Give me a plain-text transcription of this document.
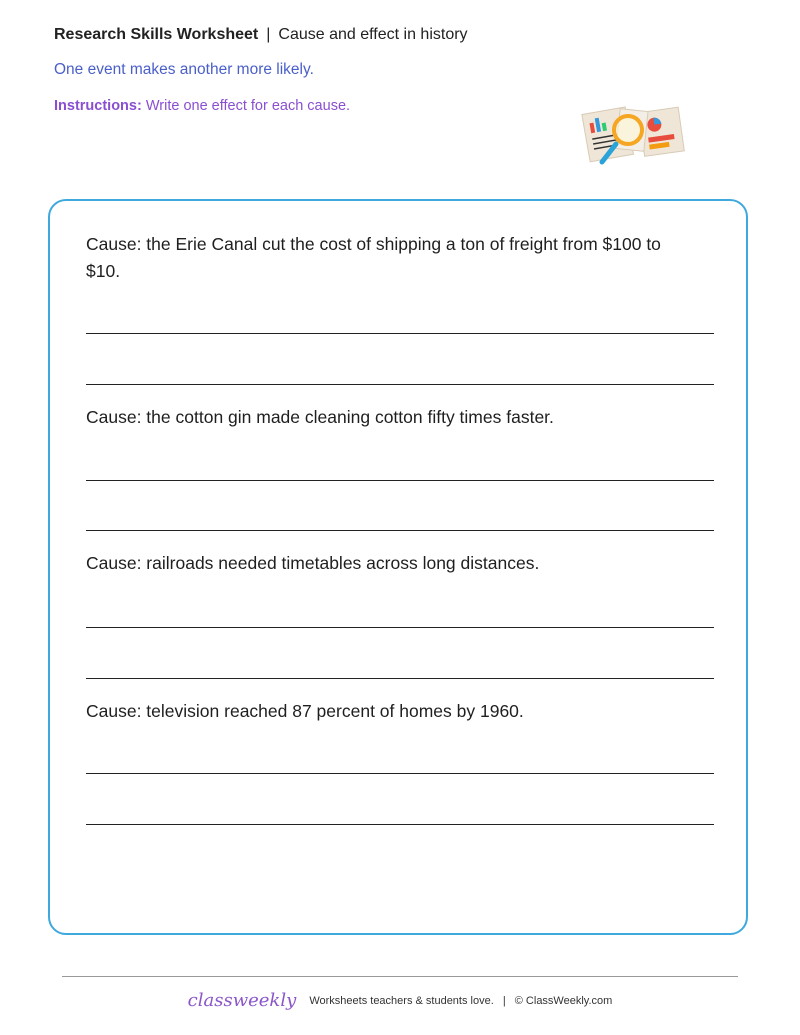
Research Skills Worksheet | Cause and effect in history
One event makes another more likely.
Instructions: Write one effect for each cause.
Cause: the Erie Canal cut the cost of shipping a ton of freight from $100 to $10.
Cause: the cotton gin made cleaning cotton fifty times faster.
Cause: railroads needed timetables across long distances.
Cause: television reached 87 percent of homes by 1960.
classweekly Worksheets teachers & students love. | © ClassWeekly.com
